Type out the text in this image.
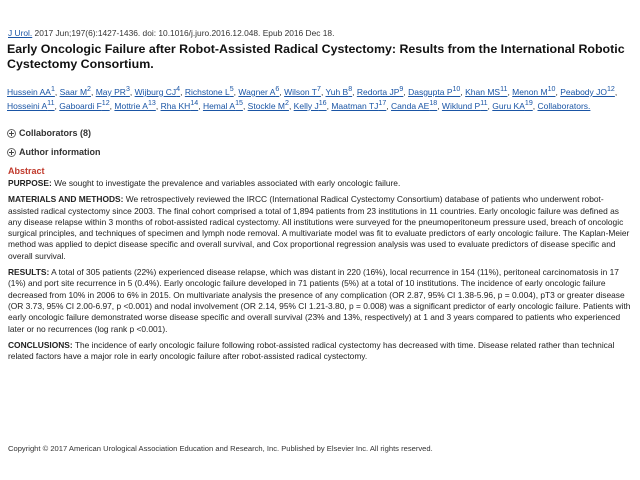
J Urol. 2017 Jun;197(6):1427-1436. doi: 10.1016/j.juro.2016.12.048. Epub 2016 Dec 18.
Early Oncologic Failure after Robot-Assisted Radical Cystectomy: Results from the International Robotic Cystectomy Consortium.
Hussein $AA^1$, Saar $M^2$, May $PR^3$, Wijburg $CJ^4$, Richstone $L^5$, Wagner $A^6$, Wilson $T^7$, Yuh $B^8$, Redorta $JP^9$, Dasgupta $P^{10}$, Khan MS$^{11}$, Menon $M^{10}$, Peabody JO$^{12}$, Hosseini $A^{11}$, Gaboardi $F^{12}$, Mottrie $A^{13}$, Rha KH$^{14}$, Hemal $A^{15}$, Stockle $M^2$, Kelly $J^{16}$, Maatman TJ$^{17}$, Canda AE$^{18}$, Wiklund $P^{11}$, Guru KA$^{19}$, Collaborators.
Collaborators (8)
Author information
Abstract

PURPOSE: We sought to investigate the prevalence and variables associated with early oncologic failure.

MATERIALS AND METHODS: We retrospectively reviewed the IRCC (International Radical Cystectomy Consortium) database of patients who underwent robot-assisted radical cystectomy since 2003. The final cohort comprised a total of 1,894 patients from 23 institutions in 11 countries. Early oncologic failure was defined as any disease relapse within 3 months of robot-assisted radical cystectomy. All institutions were surveyed for the pneumoperitoneum pressure used, breach of oncologic surgical principles, and techniques of specimen and lymph node removal. A multivariate model was fit to evaluate predictors of early oncologic failure. The Kaplan-Meier method was applied to depict disease specific and overall survival, and Cox proportional regression analysis was used to evaluate predictors of disease specific and overall survival.

RESULTS: A total of 305 patients (22%) experienced disease relapse, which was distant in 220 (16%), local recurrence in 154 (11%), peritoneal carcinomatosis in 17 (1%) and port site recurrence in 5 (0.4%). Early oncologic failure developed in 71 patients (5%) at a total of 10 institutions. The incidence of early oncologic failure decreased from 10% in 2006 to 6% in 2015. On multivariate analysis the presence of any complication (OR 2.87, 95% CI 1.38-5.96, p = 0.004), pT3 or greater disease (OR 3.73, 95% CI 2.00-6.97, p <0.001) and nodal involvement (OR 2.14, 95% CI 1.21-3.80, p = 0.008) was a significant predictor of early oncologic failure. Patients with early oncologic failure demonstrated worse disease specific and overall survival (23% and 13%, respectively) at 1 and 3 years compared to patients who experienced later or no recurrences (log rank p <0.001).

CONCLUSIONS: The incidence of early oncologic failure following robot-assisted radical cystectomy has decreased with time. Disease related rather than technical related factors have a major role in early oncologic failure after robot-assisted radical cystectomy.

Copyright © 2017 American Urological Association Education and Research, Inc. Published by Elsevier Inc. All rights reserved.
